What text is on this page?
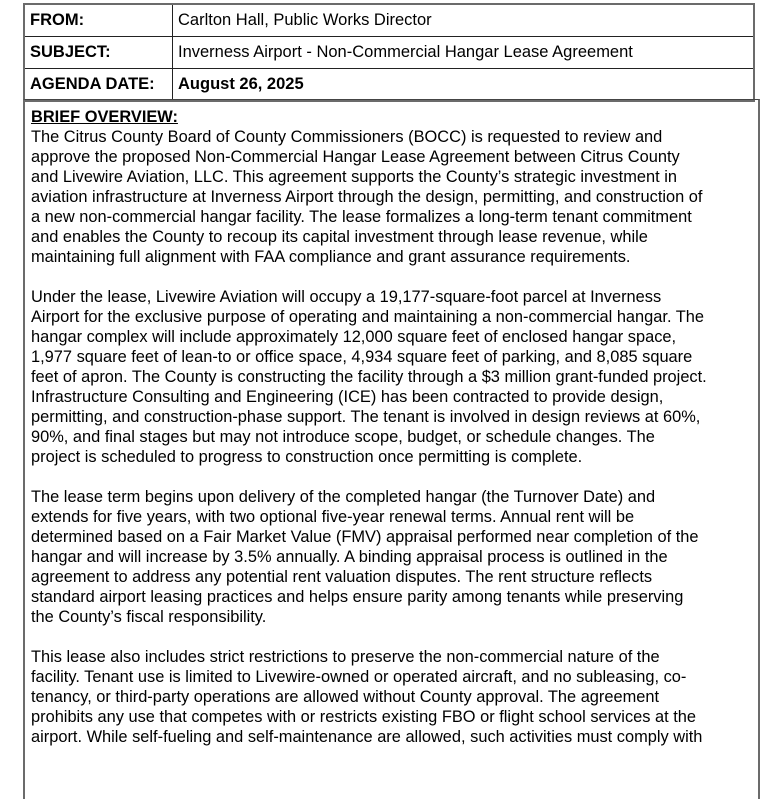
FROM:	Carlton Hall, Public Works Director
SUBJECT:	Inverness Airport - Non-Commercial Hangar Lease Agreement
AGENDA DATE:	August 26, 2025
BRIEF OVERVIEW:

The Citrus County Board of County Commissioners (BOCC) is requested to review and
approve the proposed Non-Commercial Hangar Lease Agreement between Citrus County
and Livewire Aviation, LLC. This agreement supports the County’s strategic investment in
aviation infrastructure at Inverness Airport through the design, permitting, and construction of
a new non-commercial hangar facility. The lease formalizes a long-term tenant commitment
and enables the County to recoup its capital investment through lease revenue, while
maintaining full alignment with FAA compliance and grant assurance requirements.

Under the lease, Livewire Aviation will occupy a 19,177-square-foot parcel at Inverness
Airport for the exclusive purpose of operating and maintaining a non-commercial hangar. The
hangar complex will include approximately 12,000 square feet of enclosed hangar space,
1,977 square feet of lean-to or office space, 4,934 square feet of parking, and 8,085 square
feet of apron. The County is constructing the facility through a $3 million grant-funded project.
Infrastructure Consulting and Engineering (ICE) has been contracted to provide design,
permitting, and construction-phase support. The tenant is involved in design reviews at 60%,
90%, and final stages but may not introduce scope, budget, or schedule changes. The
project is scheduled to progress to construction once permitting is complete.

The lease term begins upon delivery of the completed hangar (the Turnover Date) and
extends for five years, with two optional five-year renewal terms. Annual rent will be
determined based on a Fair Market Value (FMV) appraisal performed near completion of the
hangar and will increase by 3.5% annually. A binding appraisal process is outlined in the
agreement to address any potential rent valuation disputes. The rent structure reflects
standard airport leasing practices and helps ensure parity among tenants while preserving
the County’s fiscal responsibility.

This lease also includes strict restrictions to preserve the non-commercial nature of the
facility. Tenant use is limited to Livewire-owned or operated aircraft, and no subleasing, co-
tenancy, or third-party operations are allowed without County approval. The agreement
prohibits any use that competes with or restricts existing FBO or flight school services at the
airport. While self-fueling and self-maintenance are allowed, such activities must comply with
